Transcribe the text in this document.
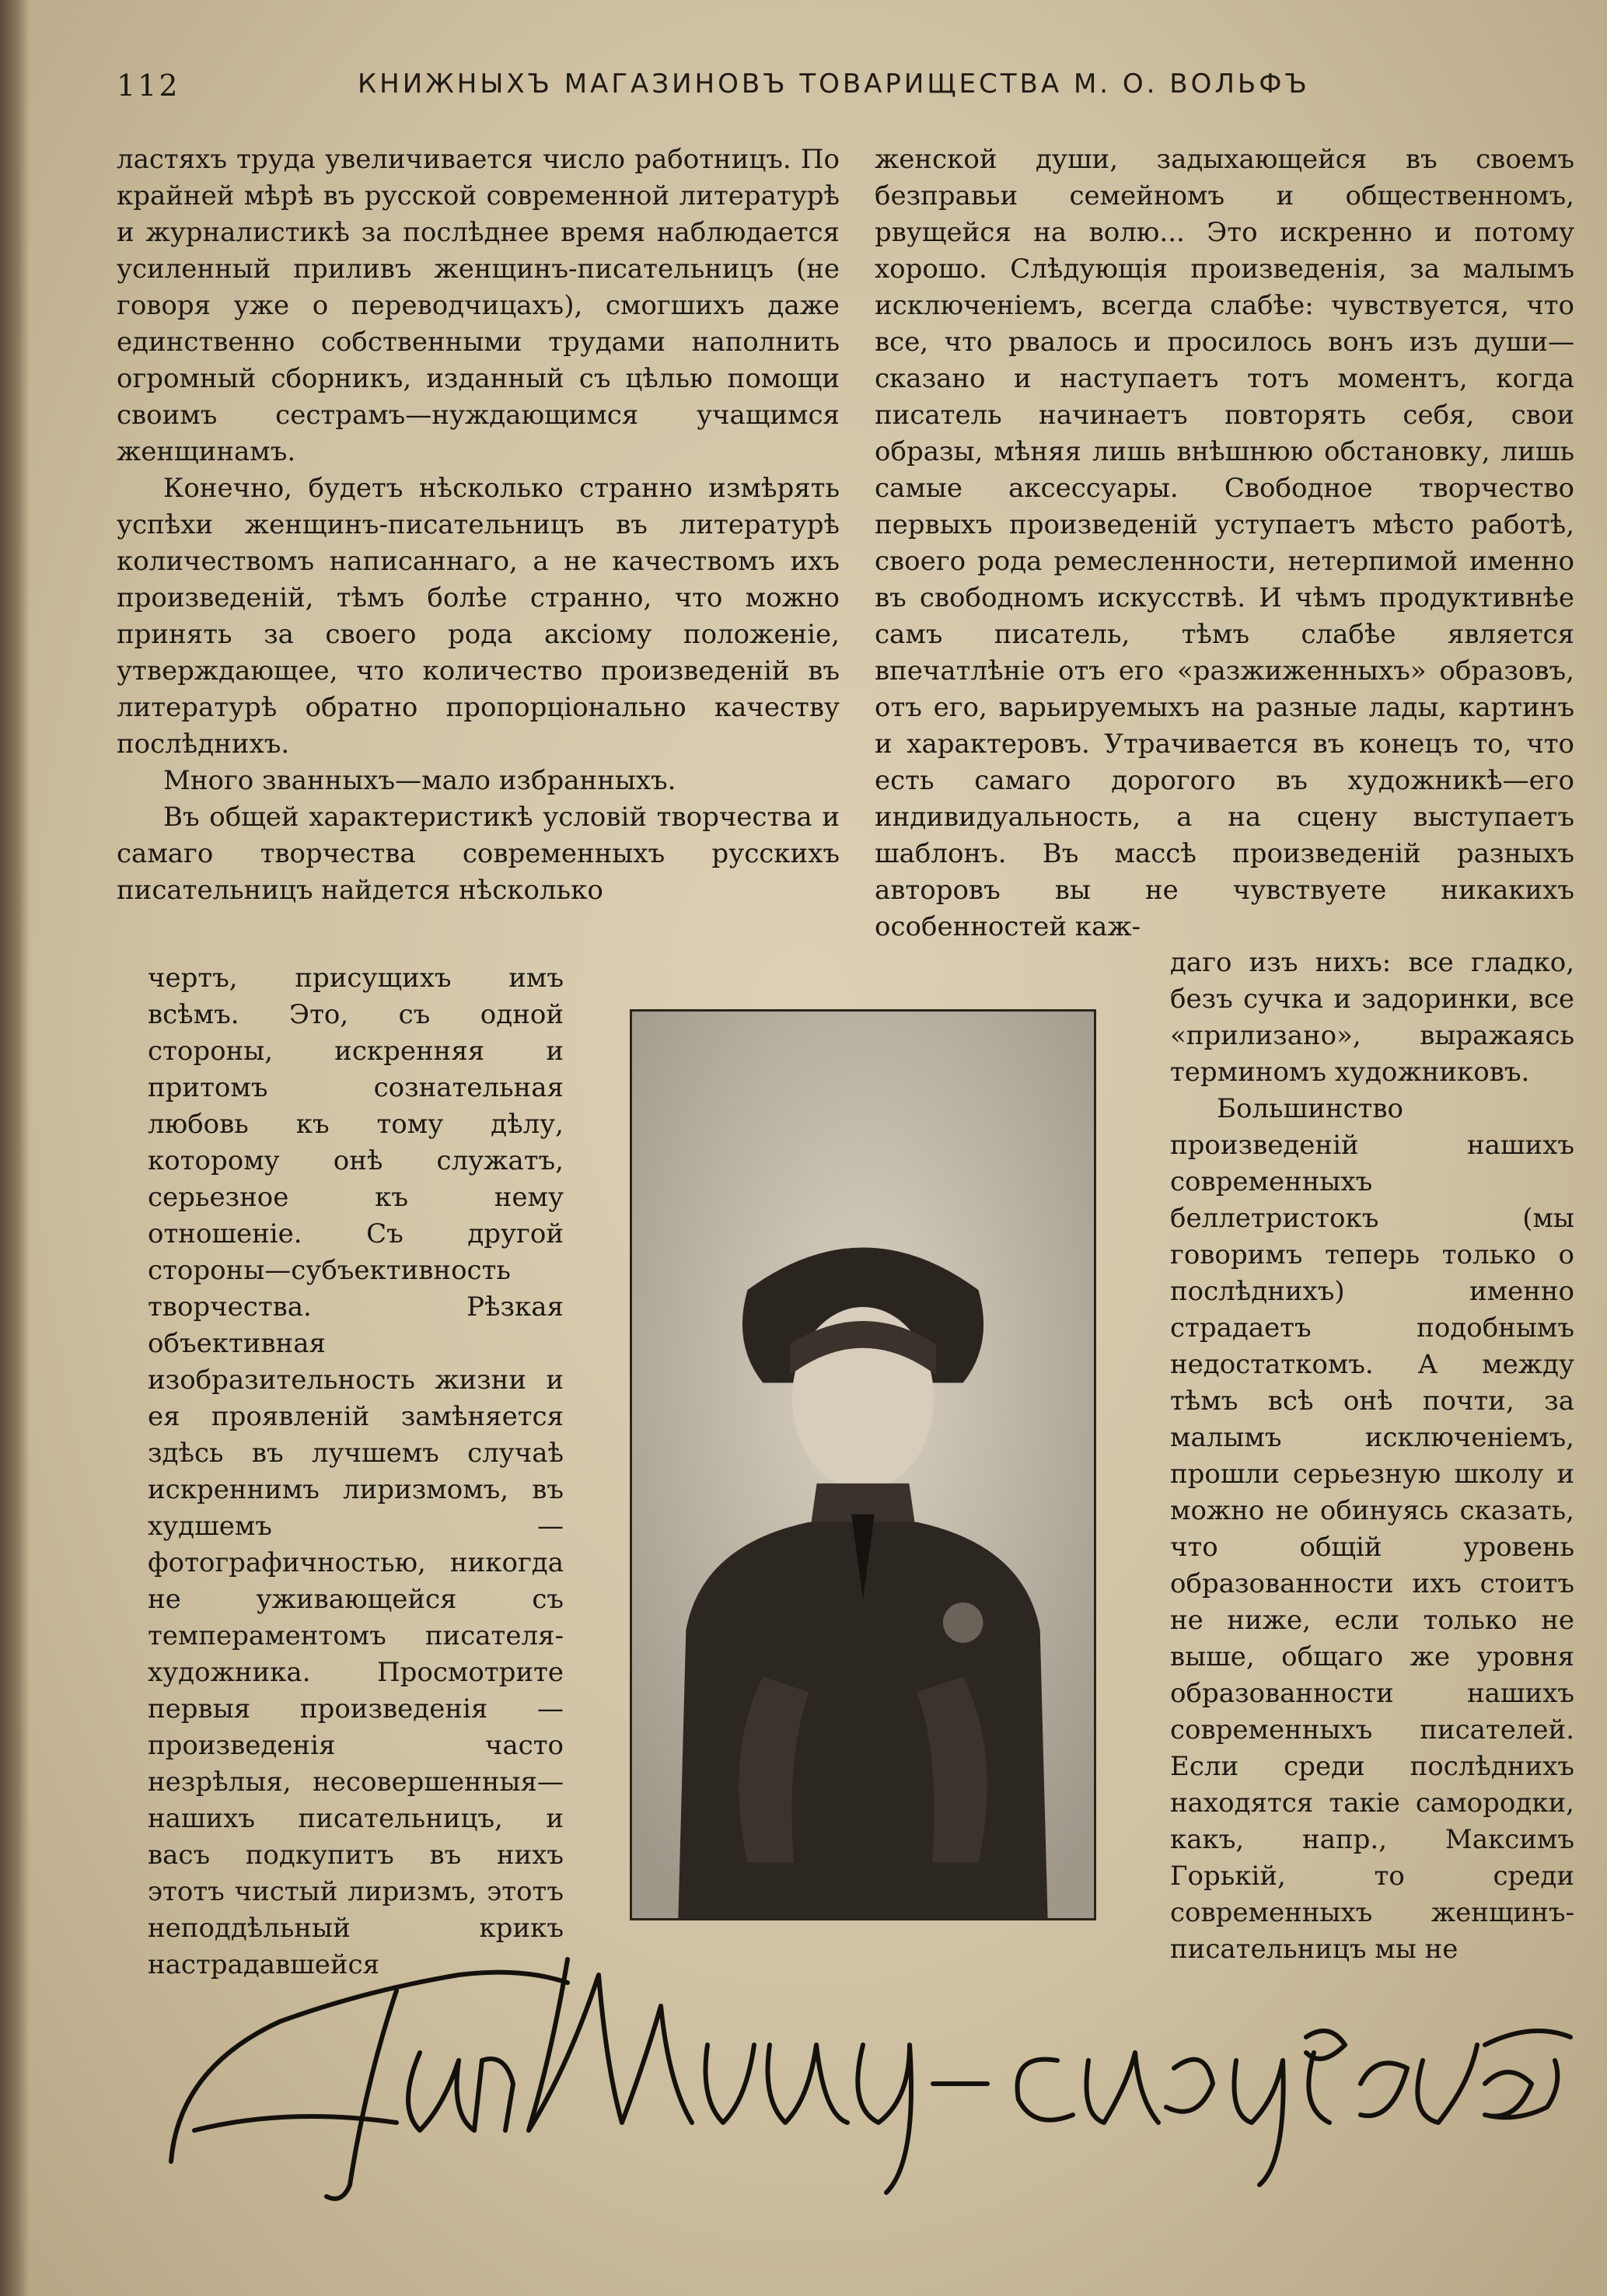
112	КНИЖНЫХЪ МАГАЗИНОВЪ ТОВАРИЩЕСТВА М. О. ВОЛЬФЪ

ластяхъ труда увеличивается число работницъ. По крайней мѣрѣ въ русской современной литературѣ и журналистикѣ за послѣднее время наблюдается усиленный приливъ женщинъ-писательницъ (не говоря уже о переводчицахъ), смогшихъ даже единственно собственными трудами наполнить огромный сборникъ, изданный съ цѣлью помощи своимъ сестрамъ—нуждающимся учащимся женщинамъ.

Конечно, будетъ нѣсколько странно измѣрять успѣхи женщинъ-писательницъ въ литературѣ количествомъ написаннаго, а не качествомъ ихъ произведеній, тѣмъ болѣе странно, что можно принять за своего рода аксіому положеніе, утверждающее, что количество произведеній въ литературѣ обратно пропорціонально качеству послѣднихъ.

Много званныхъ—мало избранныхъ.

Въ общей характеристикѣ условій творчества и самаго творчества современныхъ русскихъ писательницъ найдется нѣсколько

чертъ, присущихъ имъ всѣмъ. Это, съ одной стороны, искренняя и притомъ сознательная любовь къ тому дѣлу, которому онѣ служатъ, серьезное къ нему отношеніе. Съ другой стороны—субъективность творчества. Рѣзкая объективная изобразительность жизни и ея проявленій замѣняется здѣсь въ лучшемъ случаѣ искреннимъ лиризмомъ, въ худшемъ — фотографичностью, никогда не уживающейся съ темпераментомъ писателя-художника. Просмотрите первыя произведенія — произведенія часто незрѣлыя, несовершенныя—нашихъ писательницъ, и васъ подкупитъ въ нихъ этотъ чистый лиризмъ, этотъ неподдѣльный крикъ настрадавшейся

женской души, задыхающейся въ своемъ безправьи семейномъ и общественномъ, рвущейся на волю... Это искренно и потому хорошо. Слѣдующія произведенія, за малымъ исключеніемъ, всегда слабѣе: чувствуется, что все, что рвалось и просилось вонъ изъ души—сказано и наступаетъ тотъ моментъ, когда писатель начинаетъ повторять себя, свои образы, мѣняя лишь внѣшнюю обстановку, лишь самые аксессуары. Свободное творчество первыхъ произведеній уступаетъ мѣсто работѣ, своего рода ремесленности, нетерпимой именно въ свободномъ искусствѣ. И чѣмъ продуктивнѣе самъ писатель, тѣмъ слабѣе является впечатлѣніе отъ его «разжиженныхъ» образовъ, отъ его, варьируемыхъ на разные лады, картинъ и характеровъ. Утрачивается въ конецъ то, что есть самаго дорогого въ художникѣ—его индивидуальность, а на сцену выступаетъ шаблонъ. Въ массѣ произведеній разныхъ авторовъ вы не чувствуете никакихъ особенностей каж-

даго изъ нихъ: все гладко, безъ сучка и задоринки, все «прилизано», выражаясь терминомъ художниковъ.

Большинство произведеній нашихъ современныхъ беллетристокъ (мы говоримъ теперь только о послѣднихъ) именно страдаетъ подобнымъ недостаткомъ. А между тѣмъ всѣ онѣ почти, за малымъ исключеніемъ, прошли серьезную школу и можно не обинуясь сказать, что общій уровень образованности ихъ стоитъ не ниже, если только не выше, общаго же уровня образованности нашихъ современныхъ писателей. Если среди послѣднихъ находятся такіе самородки, какъ, напр., Максимъ Горькій, то среди современныхъ женщинъ-писательницъ мы не
